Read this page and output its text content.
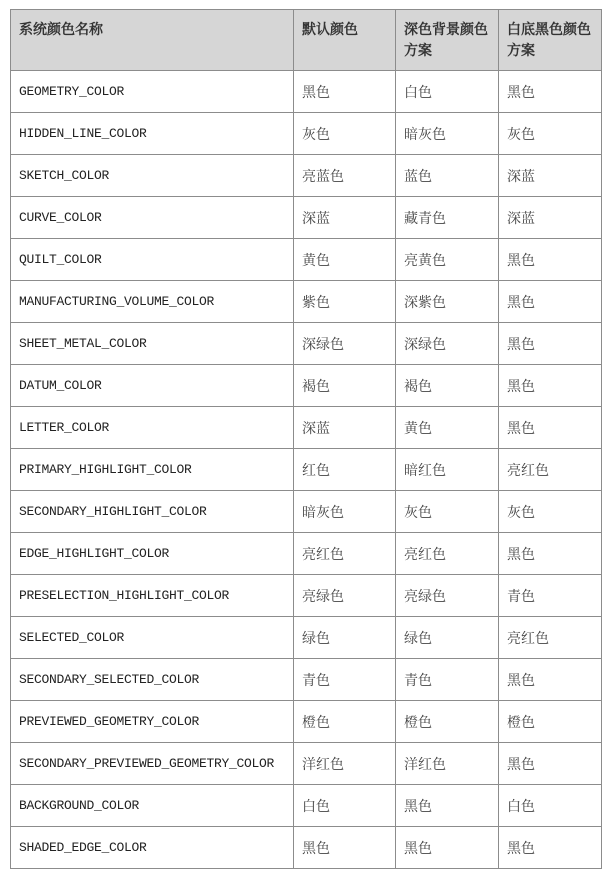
系统颜色名称	默认颜色	深色背景颜色方案	白底黑色颜色方案
GEOMETRY_COLOR	黑色	白色	黑色
HIDDEN_LINE_COLOR	灰色	暗灰色	灰色
SKETCH_COLOR	亮蓝色	蓝色	深蓝
CURVE_COLOR	深蓝	藏青色	深蓝
QUILT_COLOR	黄色	亮黄色	黑色
MANUFACTURING_VOLUME_COLOR	紫色	深紫色	黑色
SHEET_METAL_COLOR	深绿色	深绿色	黑色
DATUM_COLOR	褐色	褐色	黑色
LETTER_COLOR	深蓝	黄色	黑色
PRIMARY_HIGHLIGHT_COLOR	红色	暗红色	亮红色
SECONDARY_HIGHLIGHT_COLOR	暗灰色	灰色	灰色
EDGE_HIGHLIGHT_COLOR	亮红色	亮红色	黑色
PRESELECTION_HIGHLIGHT_COLOR	亮绿色	亮绿色	青色
SELECTED_COLOR	绿色	绿色	亮红色
SECONDARY_SELECTED_COLOR	青色	青色	黑色
PREVIEWED_GEOMETRY_COLOR	橙色	橙色	橙色
SECONDARY_PREVIEWED_GEOMETRY_COLOR	洋红色	洋红色	黑色
BACKGROUND_COLOR	白色	黑色	白色
SHADED_EDGE_COLOR	黑色	黑色	黑色
